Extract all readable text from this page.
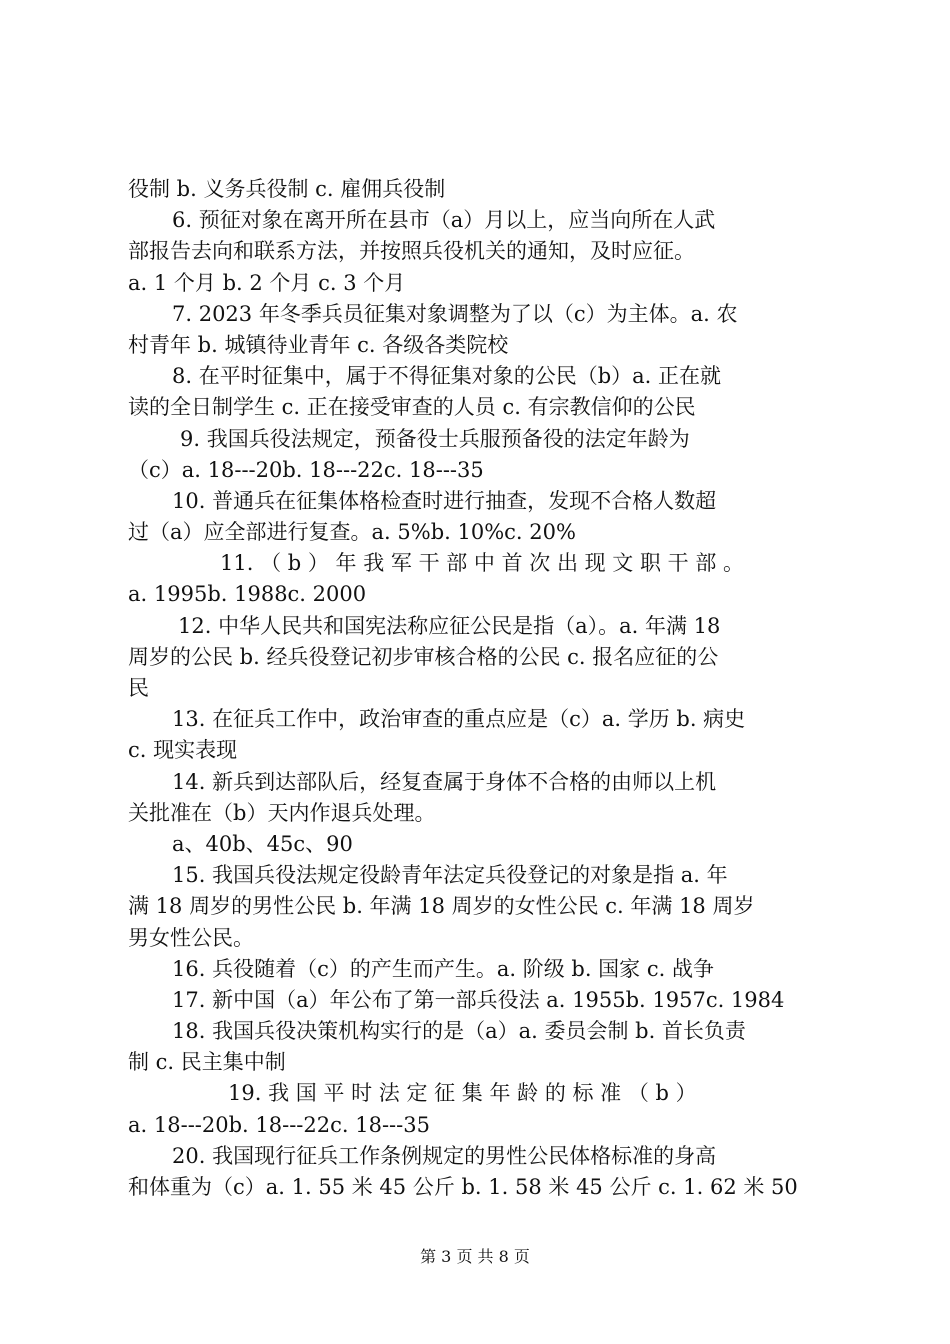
役制 b. 义务兵役制 c. 雇佣兵役制
6. 预征对象在离开所在县市（a）月以上，应当向所在人武
部报告去向和联系方法，并按照兵役机关的通知，及时应征。
a. 1 个月 b. 2 个月 c. 3 个月
7. 2023 年冬季兵员征集对象调整为了以（c）为主体。a. 农
村青年 b. 城镇待业青年 c. 各级各类院校
8. 在平时征集中，属于不得征集对象的公民（b）a. 正在就
读的全日制学生 c. 正在接受审查的人员 c. 有宗教信仰的公民
9. 我国兵役法规定，预备役士兵服预备役的法定年龄为
（c）a. 18---20b. 18---22c. 18---35
10. 普通兵在征集体格检查时进行抽查，发现不合格人数超
过（a）应全部进行复查。a. 5%b. 10%c. 20%
11. （ b ） 年 我 军 干 部 中 首 次 出 现 文 职 干 部 。
a. 1995b. 1988c. 2000
12. 中华人民共和国宪法称应征公民是指（a）。a. 年满 18
周岁的公民 b. 经兵役登记初步审核合格的公民 c. 报名应征的公
民
13. 在征兵工作中，政治审查的重点应是（c）a. 学历 b. 病史
c. 现实表现
14. 新兵到达部队后，经复查属于身体不合格的由师以上机
关批准在（b）天内作退兵处理。
a、40b、45c、90
15. 我国兵役法规定役龄青年法定兵役登记的对象是指 a. 年
满 18 周岁的男性公民 b. 年满 18 周岁的女性公民 c. 年满 18 周岁
男女性公民。
16. 兵役随着（c）的产生而产生。a. 阶级 b. 国家 c. 战争
17. 新中国（a）年公布了第一部兵役法 a. 1955b. 1957c. 1984
18. 我国兵役决策机构实行的是（a）a. 委员会制 b. 首长负责
制 c. 民主集中制
19. 我 国 平 时 法 定 征 集 年 龄 的 标 准 （ b ）
a. 18---20b. 18---22c. 18---35
20. 我国现行征兵工作条例规定的男性公民体格标准的身高
和体重为（c）a. 1. 55 米 45 公斤 b. 1. 58 米 45 公斤 c. 1. 62 米 50
第 3 页 共 8 页
